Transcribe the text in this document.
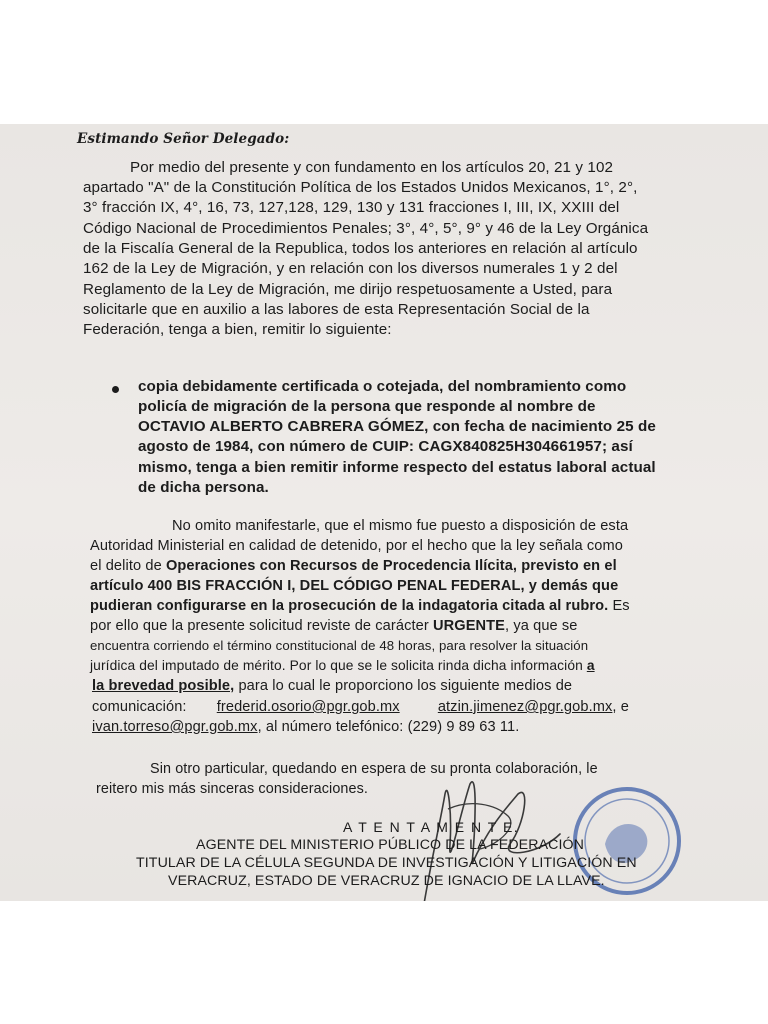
Estimando Señor Delegado:
Por medio del presente y con fundamento en los artículos 20, 21 y 102
apartado "A" de la Constitución Política de los Estados Unidos Mexicanos, 1°, 2°,
3° fracción IX, 4°, 16, 73, 127,128, 129, 130 y 131 fracciones I, III, IX, XXIII del
Código Nacional de Procedimientos Penales; 3°, 4°, 5°, 9° y 46 de la Ley Orgánica
de la Fiscalía General de la Republica, todos los anteriores en relación al artículo
162 de la Ley de Migración, y en relación con los diversos numerales 1 y 2 del
Reglamento de la Ley de Migración, me dirijo respetuosamente a Usted, para
solicitarle que en auxilio a las labores de esta Representación Social de la
Federación, tenga a bien, remitir lo siguiente:
copia debidamente certificada o cotejada, del nombramiento como
policía de migración de la persona que responde al nombre de
OCTAVIO ALBERTO CABRERA GÓMEZ, con fecha de nacimiento 25 de
agosto de 1984, con número de CUIP: CAGX840825H304661957; así
mismo, tenga a bien remitir informe respecto del estatus laboral actual
de dicha persona.
No omito manifestarle, que el mismo fue puesto a disposición de esta
Autoridad Ministerial en calidad de detenido, por el hecho que la ley señala como
el delito de Operaciones con Recursos de Procedencia Ilícita, previsto en el
artículo 400 BIS FRACCIÓN I, DEL CÓDIGO PENAL FEDERAL, y demás que
pudieran configurarse en la prosecución de la indagatoria citada al rubro. Es
por ello que la presente solicitud reviste de carácter URGENTE, ya que se
encuentra corriendo el término constitucional de 48 horas, para resolver la situación
jurídica del imputado de mérito. Por lo que se le solicita rinda dicha información a
la brevedad posible, para lo cual le proporciono los siguiente medios de
comunicación: frederid.osorio@pgr.gob.mx	atzin.jimenez@pgr.gob.mx, e
ivan.torreso@pgr.gob.mx, al número telefónico: (229) 9 89 63 11.
Sin otro particular, quedando en espera de su pronta colaboración, le
reitero mis más sinceras consideraciones.
A T E N T A M E N T E.
AGENTE DEL MINISTERIO PÚBLICO DE LA FEDERACIÓN
TITULAR DE LA CÉLULA SEGUNDA DE INVESTIGACIÓN Y LITIGACIÓN EN
VERACRUZ, ESTADO DE VERACRUZ DE IGNACIO DE LA LLAVE.
